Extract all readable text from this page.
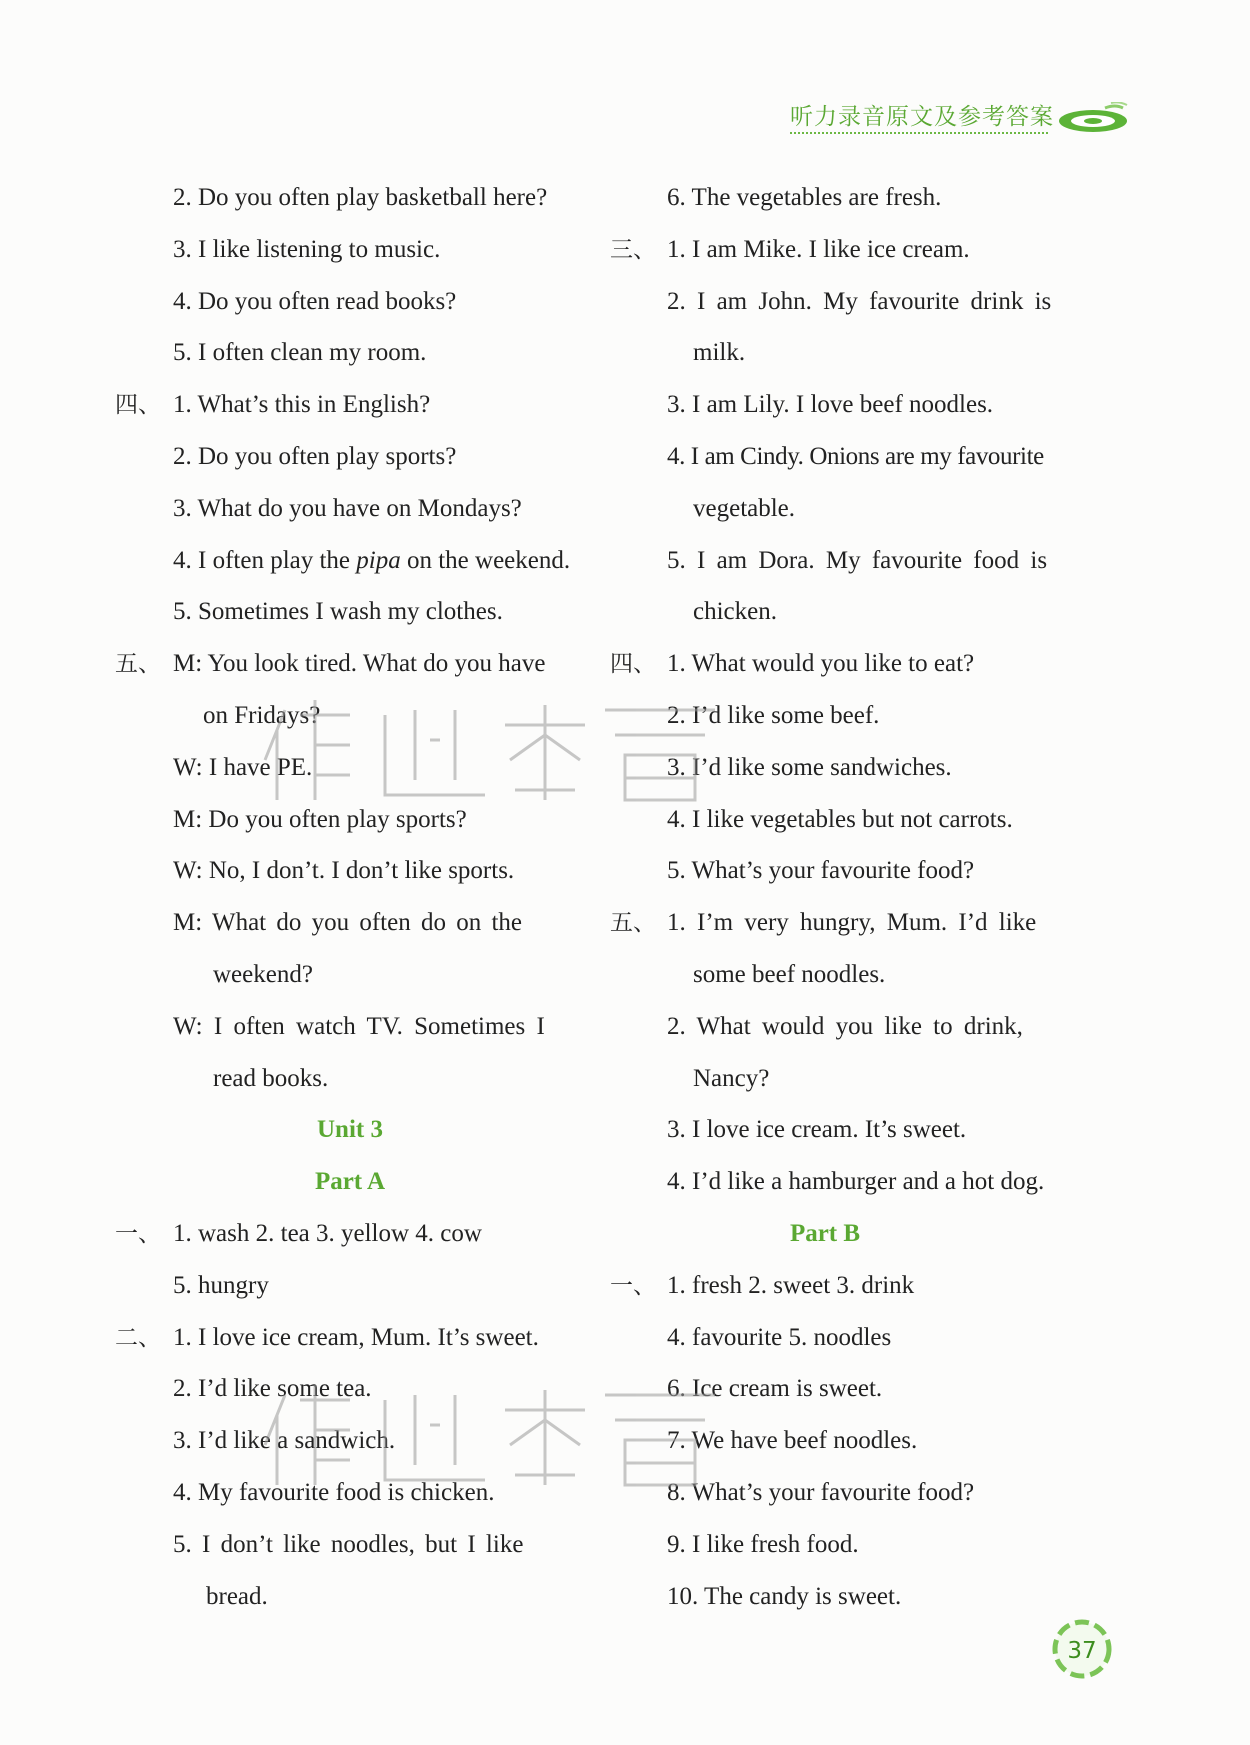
听力录音原文及参考答案
2. Do you often play basketball here?
3. I like listening to music.
4. Do you often read books?
5. I often clean my room.
四、 1. What’s this in English?
2. Do you often play sports?
3. What do you have on Mondays?
4. I often play the pipa on the weekend.
5. Sometimes I wash my clothes.
五、 M: You look tired. What do you have
on Fridays?
W: I have PE.
M: Do you often play sports?
W: No, I don’t. I don’t like sports.
M: What do you often do on the
weekend?
W: I often watch TV. Sometimes I
read books.
Unit 3
Part A
一、 1. wash 2. tea 3. yellow 4. cow
5. hungry
二、 1. I love ice cream, Mum. It’s sweet.
2. I’d like some tea.
3. I’d like a sandwich.
4. My favourite food is chicken.
5. I don’t like noodles, but I like
bread.
6. The vegetables are fresh.
三、 1. I am Mike. I like ice cream.
2. I am John. My favourite drink is
milk.
3. I am Lily. I love beef noodles.
4. I am Cindy. Onions are my favourite
vegetable.
5. I am Dora. My favourite food is
chicken.
四、 1. What would you like to eat?
2. I’d like some beef.
3. I’d like some sandwiches.
4. I like vegetables but not carrots.
5. What’s your favourite food?
五、 1. I’m very hungry, Mum. I’d like
some beef noodles.
2. What would you like to drink,
Nancy?
3. I love ice cream. It’s sweet.
4. I’d like a hamburger and a hot dog.
Part B
一、 1. fresh 2. sweet 3. drink
4. favourite 5. noodles
6. Ice cream is sweet.
7. We have beef noodles.
8. What’s your favourite food?
9. I like fresh food.
10. The candy is sweet.
37
